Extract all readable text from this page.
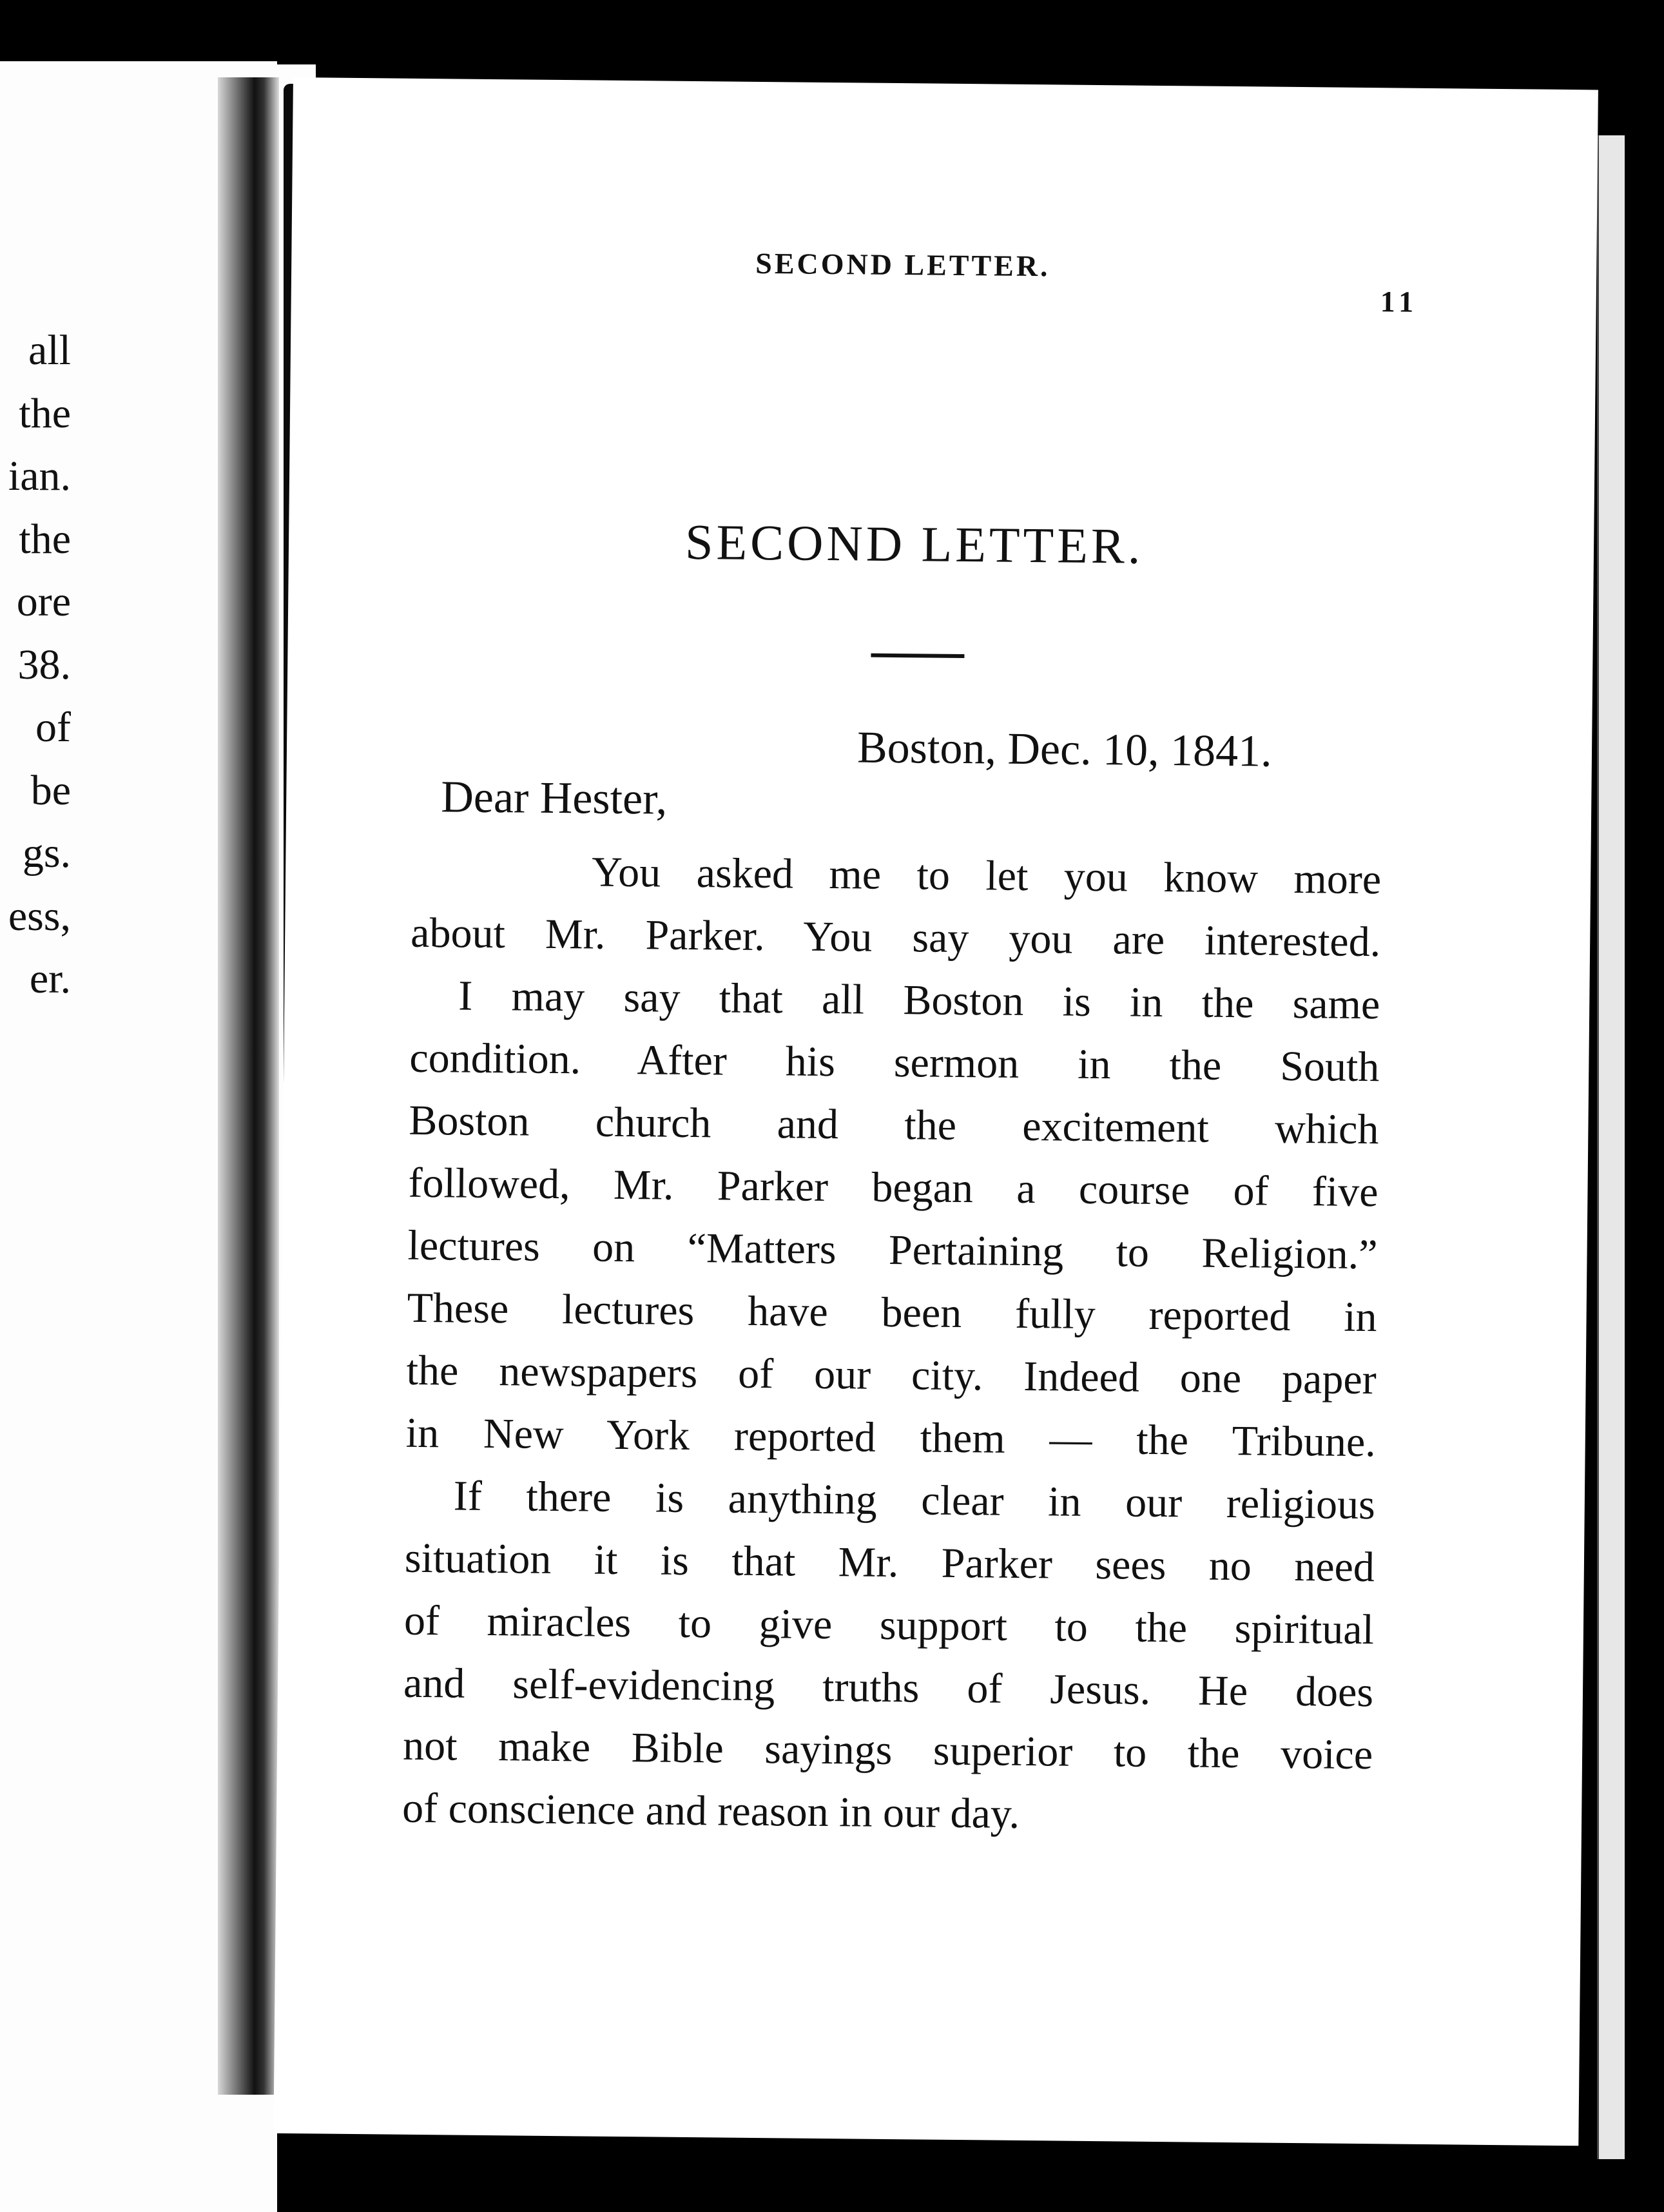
all
the
ian.
the
ore
38.
of
be
gs.
ess,
er.
SECOND LETTER.
11
SECOND LETTER.
Boston, Dec. 10, 1841.
Dear Hester,
You asked me to let you know more
about Mr. Parker. You say you are interested.
I may say that all Boston is in the same
condition. After his sermon in the South
Boston church and the excitement which
followed, Mr. Parker began a course of five
lectures on “Matters Pertaining to Religion.”
These lectures have been fully reported in
the newspapers of our city. Indeed one paper
in New York reported them — the Tribune.
If there is anything clear in our religious
situation it is that Mr. Parker sees no need
of miracles to give support to the spiritual
and self-evidencing truths of Jesus. He does
not make Bible sayings superior to the voice
of conscience and reason in our day.
